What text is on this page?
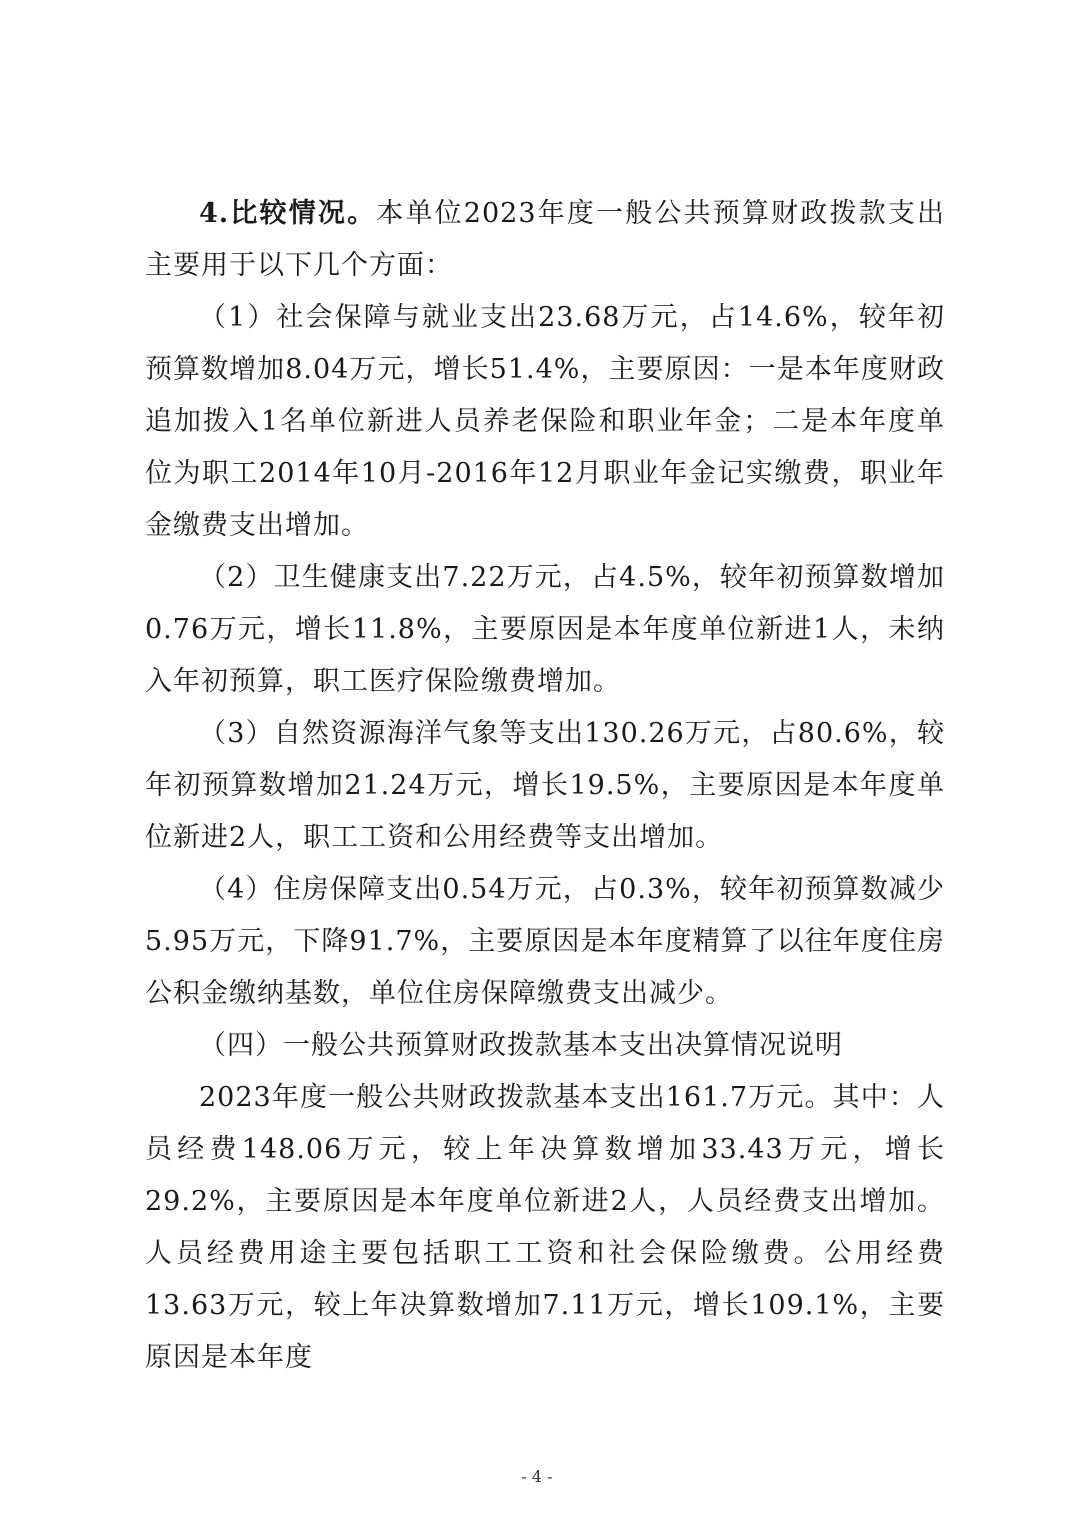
4.比较情况。本单位2023年度一般公共预算财政拨款支出主要用于以下几个方面：

（1）社会保障与就业支出23.68万元，占14.6%，较年初预算数增加8.04万元，增长51.4%，主要原因：一是本年度财政追加拨入1名单位新进人员养老保险和职业年金；二是本年度单位为职工2014年10月-2016年12月职业年金记实缴费，职业年金缴费支出增加。

（2）卫生健康支出7.22万元，占4.5%，较年初预算数增加0.76万元，增长11.8%，主要原因是本年度单位新进1人，未纳入年初预算，职工医疗保险缴费增加。

（3）自然资源海洋气象等支出130.26万元，占80.6%，较年初预算数增加21.24万元，增长19.5%，主要原因是本年度单位新进2人，职工工资和公用经费等支出增加。

（4）住房保障支出0.54万元，占0.3%，较年初预算数减少5.95万元，下降91.7%，主要原因是本年度精算了以往年度住房公积金缴纳基数，单位住房保障缴费支出减少。

（四）一般公共预算财政拨款基本支出决算情况说明

2023年度一般公共财政拨款基本支出161.7万元。其中：人员经费148.06万元，较上年决算数增加33.43万元，增长29.2%，主要原因是本年度单位新进2人，人员经费支出增加。人员经费用途主要包括职工工资和社会保险缴费。公用经费13.63万元，较上年决算数增加7.11万元，增长109.1%，主要原因是本年度

- 4 -
